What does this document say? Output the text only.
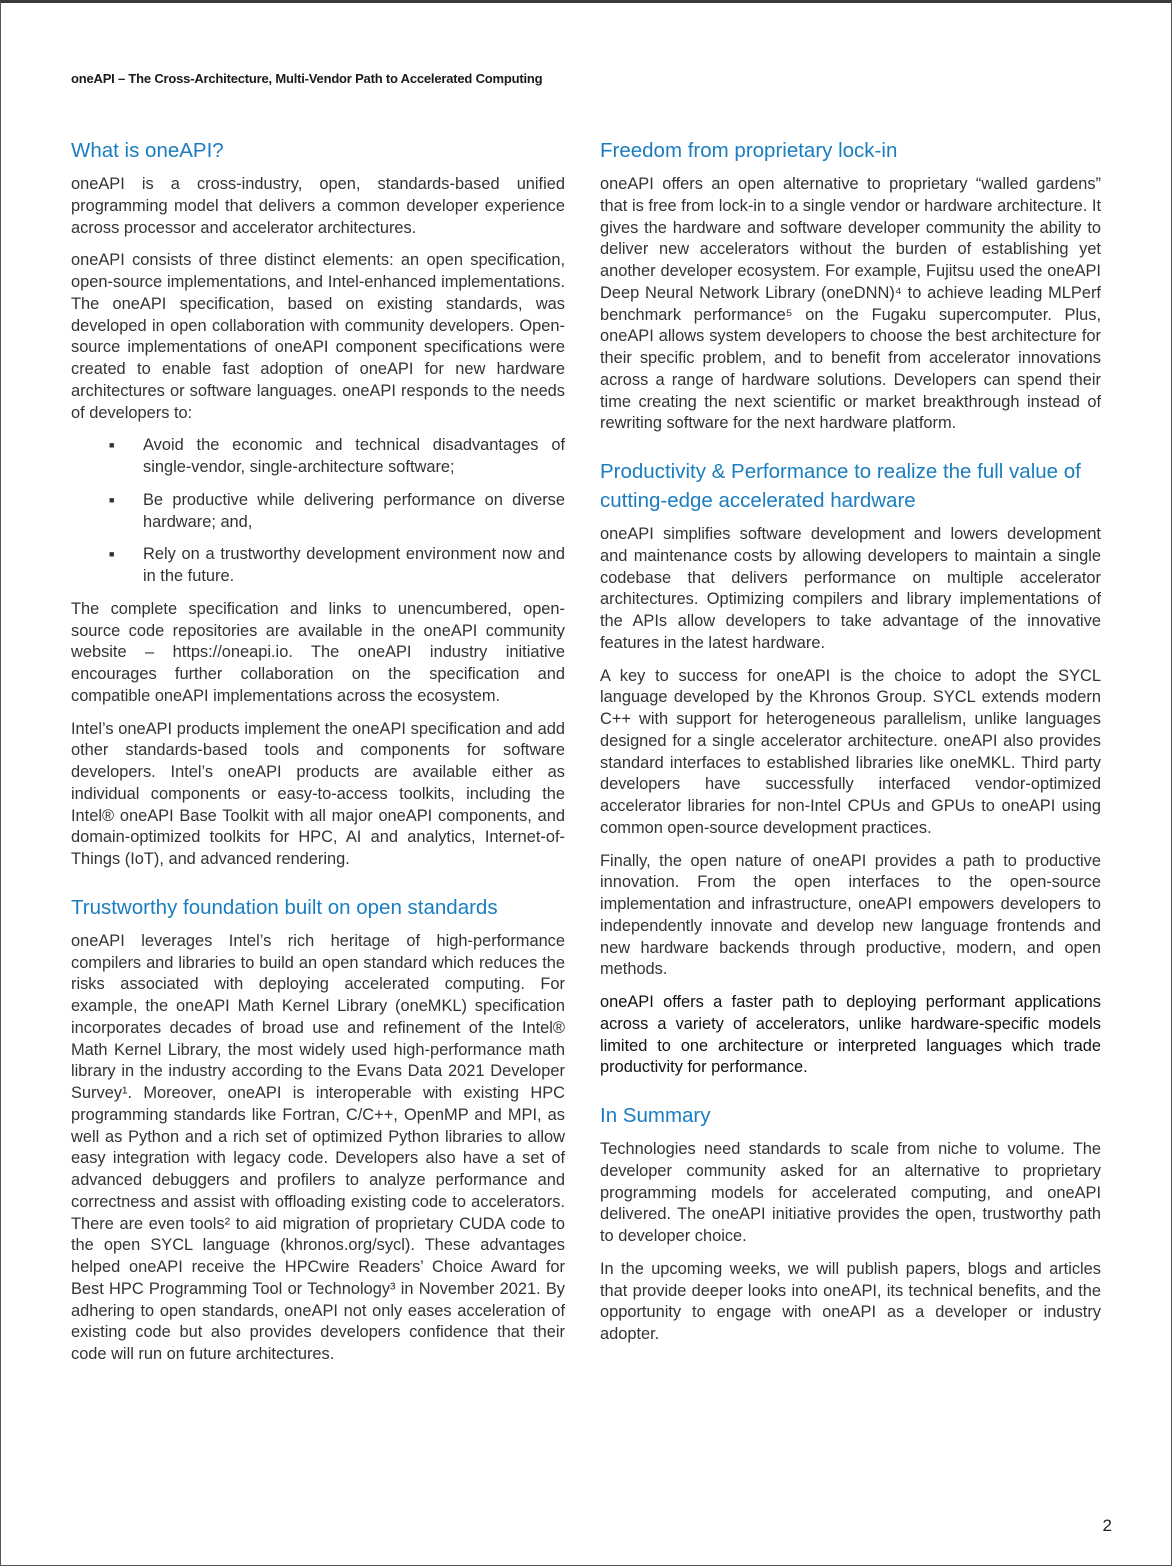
oneAPI – The Cross-Architecture, Multi-Vendor Path to Accelerated Computing
What is oneAPI?

oneAPI is a cross-industry, open, standards-based unified programming model that delivers a common developer experience across processor and accelerator architectures.

oneAPI consists of three distinct elements: an open specification, open-source implementations, and Intel-enhanced implementations. The oneAPI specification, based on existing standards, was developed in open collaboration with community developers. Open-source implementations of oneAPI component specifications were created to enable fast adoption of oneAPI for new hardware architectures or software languages. oneAPI responds to the needs of developers to:

■ Avoid the economic and technical disadvantages of single-vendor, single-architecture software;
■ Be productive while delivering performance on diverse hardware; and,
■ Rely on a trustworthy development environment now and in the future.

The complete specification and links to unencumbered, open-source code repositories are available in the oneAPI community website – https://oneapi.io. The oneAPI industry initiative encourages further collaboration on the specification and compatible oneAPI implementations across the ecosystem.

Intel’s oneAPI products implement the oneAPI specification and add other standards-based tools and components for software developers. Intel’s oneAPI products are available either as individual components or easy-to-access toolkits, including the Intel® oneAPI Base Toolkit with all major oneAPI components, and domain-optimized toolkits for HPC, AI and analytics, Internet-of-Things (IoT), and advanced rendering.

Trustworthy foundation built on open standards

oneAPI leverages Intel’s rich heritage of high-performance compilers and libraries to build an open standard which reduces the risks associated with deploying accelerated computing. For example, the oneAPI Math Kernel Library (oneMKL) specification incorporates decades of broad use and refinement of the Intel® Math Kernel Library, the most widely used high-performance math library in the industry according to the Evans Data 2021 Developer Survey¹. Moreover, oneAPI is interoperable with existing HPC programming standards like Fortran, C/C++, OpenMP and MPI, as well as Python and a rich set of optimized Python libraries to allow easy integration with legacy code. Developers also have a set of advanced debuggers and profilers to analyze performance and correctness and assist with offloading existing code to accelerators. There are even tools² to aid migration of proprietary CUDA code to the open SYCL language (khronos.org/sycl). These advantages helped oneAPI receive the HPCwire Readers’ Choice Award for Best HPC Programming Tool or Technology³ in November 2021. By adhering to open standards, oneAPI not only eases acceleration of existing code but also provides developers confidence that their code will run on future architectures.

Freedom from proprietary lock-in

oneAPI offers an open alternative to proprietary “walled gardens” that is free from lock-in to a single vendor or hardware architecture. It gives the hardware and software developer community the ability to deliver new accelerators without the burden of establishing yet another developer ecosystem. For example, Fujitsu used the oneAPI Deep Neural Network Library (oneDNN)⁴ to achieve leading MLPerf benchmark performance⁵ on the Fugaku supercomputer. Plus, oneAPI allows system developers to choose the best architecture for their specific problem, and to benefit from accelerator innovations across a range of hardware solutions. Developers can spend their time creating the next scientific or market breakthrough instead of rewriting software for the next hardware platform.

Productivity & Performance to realize the full value of cutting-edge accelerated hardware

oneAPI simplifies software development and lowers development and maintenance costs by allowing developers to maintain a single codebase that delivers performance on multiple accelerator architectures. Optimizing compilers and library implementations of the APIs allow developers to take advantage of the innovative features in the latest hardware.

A key to success for oneAPI is the choice to adopt the SYCL language developed by the Khronos Group. SYCL extends modern C++ with support for heterogeneous parallelism, unlike languages designed for a single accelerator architecture. oneAPI also provides standard interfaces to established libraries like oneMKL. Third party developers have successfully interfaced vendor-optimized accelerator libraries for non-Intel CPUs and GPUs to oneAPI using common open-source development practices.

Finally, the open nature of oneAPI provides a path to productive innovation. From the open interfaces to the open-source implementation and infrastructure, oneAPI empowers developers to independently innovate and develop new language frontends and new hardware backends through productive, modern, and open methods.

oneAPI offers a faster path to deploying performant applications across a variety of accelerators, unlike hardware-specific models limited to one architecture or interpreted languages which trade productivity for performance.

In Summary

Technologies need standards to scale from niche to volume. The developer community asked for an alternative to proprietary programming models for accelerated computing, and oneAPI delivered. The oneAPI initiative provides the open, trustworthy path to developer choice.

In the upcoming weeks, we will publish papers, blogs and articles that provide deeper looks into oneAPI, its technical benefits, and the opportunity to engage with oneAPI as a developer or industry adopter.

2
